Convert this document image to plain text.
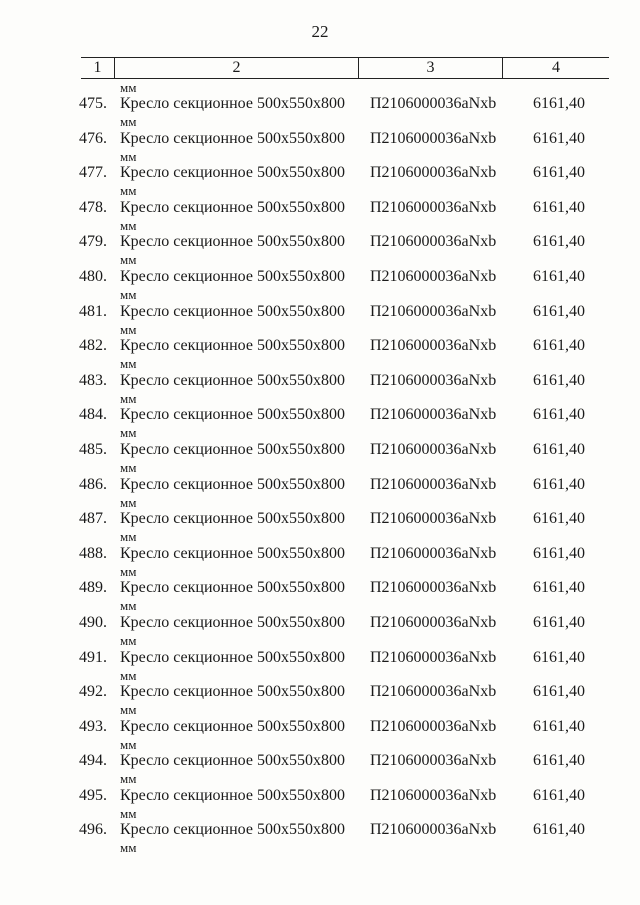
22
1	2	3	4
мм
475. Кресло секционное 500х550х800 П2106000036аNxb 6161,40
мм
476. Кресло секционное 500х550х800 П2106000036аNxb 6161,40
мм
477. Кресло секционное 500х550х800 П2106000036аNxb 6161,40
мм
478. Кресло секционное 500х550х800 П2106000036аNxb 6161,40
мм
479. Кресло секционное 500х550х800 П2106000036аNxb 6161,40
мм
480. Кресло секционное 500х550х800 П2106000036аNxb 6161,40
мм
481. Кресло секционное 500х550х800 П2106000036аNxb 6161,40
мм
482. Кресло секционное 500х550х800 П2106000036аNxb 6161,40
мм
483. Кресло секционное 500х550х800 П2106000036аNxb 6161,40
мм
484. Кресло секционное 500х550х800 П2106000036аNxb 6161,40
мм
485. Кресло секционное 500х550х800 П2106000036аNxb 6161,40
мм
486. Кресло секционное 500х550х800 П2106000036аNxb 6161,40
мм
487. Кресло секционное 500х550х800 П2106000036аNxb 6161,40
мм
488. Кресло секционное 500х550х800 П2106000036аNxb 6161,40
мм
489. Кресло секционное 500х550х800 П2106000036аNxb 6161,40
мм
490. Кресло секционное 500х550х800 П2106000036аNxb 6161,40
мм
491. Кресло секционное 500х550х800 П2106000036аNxb 6161,40
мм
492. Кресло секционное 500х550х800 П2106000036аNxb 6161,40
мм
493. Кресло секционное 500х550х800 П2106000036аNxb 6161,40
мм
494. Кресло секционное 500х550х800 П2106000036аNxb 6161,40
мм
495. Кресло секционное 500х550х800 П2106000036аNxb 6161,40
мм
496. Кресло секционное 500х550х800 П2106000036аNxb 6161,40
мм
